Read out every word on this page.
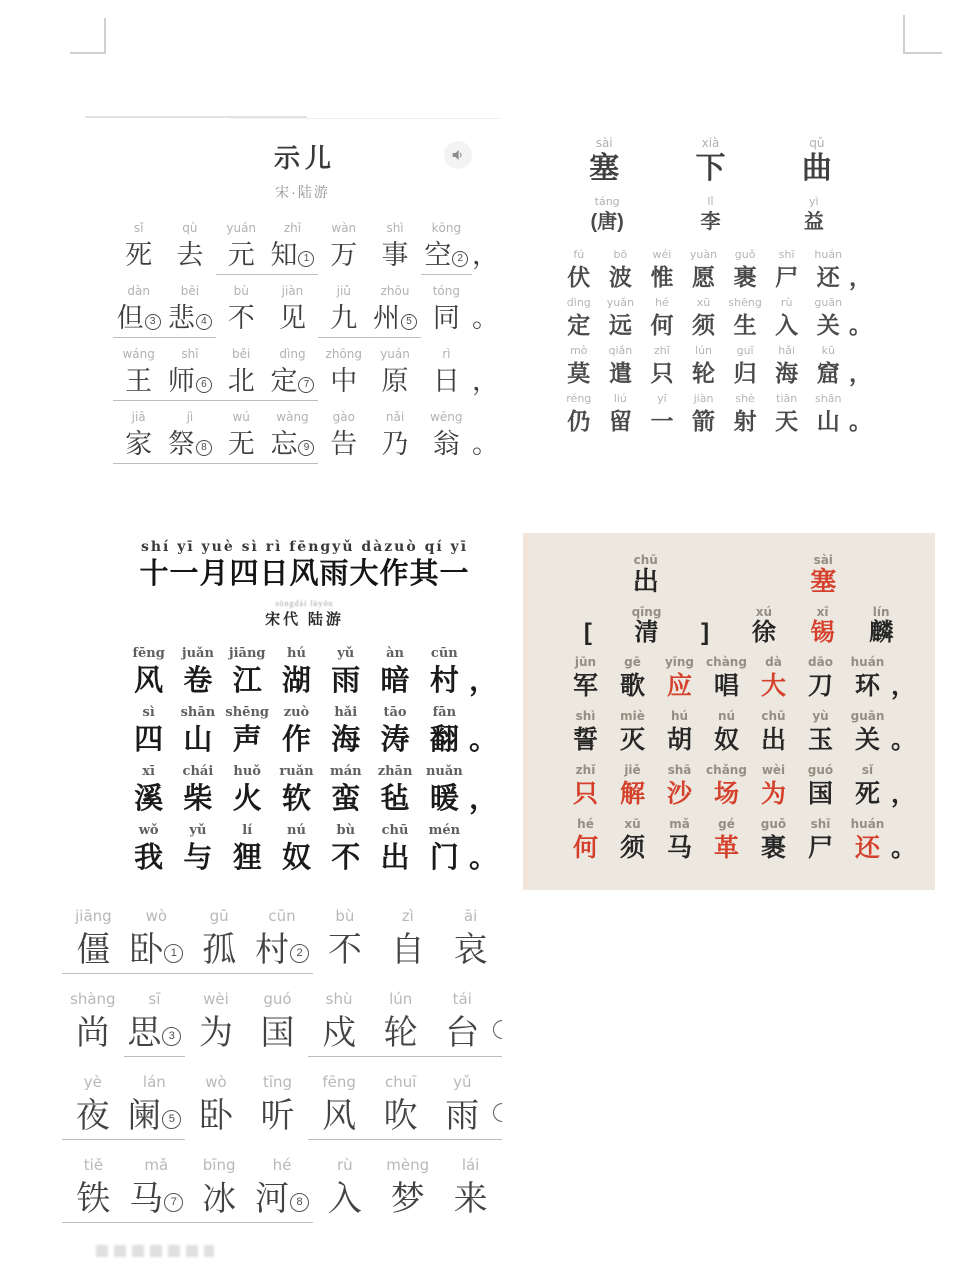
示儿
宋·陆游
sǐ
死
qù
去
yuán
元
zhī
知 1
wàn
万
shì
事
kōng
空 2
，
dàn
但 3
bēi
悲 4
bù
不
jiàn
见
jiǔ
九
zhōu
州 5
tóng
同
。
wáng
王
shī
师 6
běi
北
dìng
定 7
zhōng
中
yuán
原
rì
日
，
jiā
家
jì
祭 8
wú
无
wàng
忘 9
gào
告
nǎi
乃
wēng
翁
。
sài
塞
xià
下
qǔ
曲
táng
(唐)
lǐ
李
yì
益
fú
伏
bō
波
wéi
惟
yuàn
愿
guǒ
裹
shī
尸
huán
还
，
dìng
定
yuǎn
远
hé
何
xū
须
shēng
生
rù
入
guān
关
。
mò
莫
qiǎn
遣
zhī
只
lún
轮
guī
归
hǎi
海
kū
窟
，
réng
仍
liú
留
yī
一
jiàn
箭
shè
射
tiān
天
shān
山
。
shí yī yuè sì rì fēngyǔ dàzuò qí yī
十一月四日风雨大作其一
sòngdài lùyóu
宋代 陆游
fēng
风
juǎn
卷
jiāng
江
hú
湖
yǔ
雨
àn
暗
cūn
村
，
sì
四
shān
山
shēng
声
zuò
作
hǎi
海
tāo
涛
fān
翻
。
xī
溪
chái
柴
huǒ
火
ruǎn
软
mán
蛮
zhān
毡
nuǎn
暖
，
wǒ
我
yǔ
与
lí
狸
nú
奴
bù
不
chū
出
mén
门
。
chū
出
sài
塞

[
qīng
清
	]
xú
徐
xī
锡
lín
麟
jūn
军
gē
歌
yīng
应
chàng
唱
dà
大
dāo
刀
huán
环
，
shì
誓
miè
灭
hú
胡
nú
奴
chū
出
yù
玉
guān
关
。
zhǐ
只
jiě
解
shā
沙
chǎng
场
wèi
为
guó
国
sǐ
死
，
hé
何
xū
须
mǎ
马
gé
革
guǒ
裹
shī
尸
huán
还
。
jiāng
僵
wò
卧 1
gū
孤
cūn
村 2
bù
不
zì
自
āi
哀
shàng
尚
sī
思 3
wèi
为
guó
国
shù
戍
lún
轮
tái
台

yè
夜
lán
阑 5
wò
卧
tīng
听
fēng
风
chuī
吹
yǔ
雨

tiě
铁
mǎ
马 7
bīng
冰
hé
河 8
rù
入
mèng
梦
lái
来
